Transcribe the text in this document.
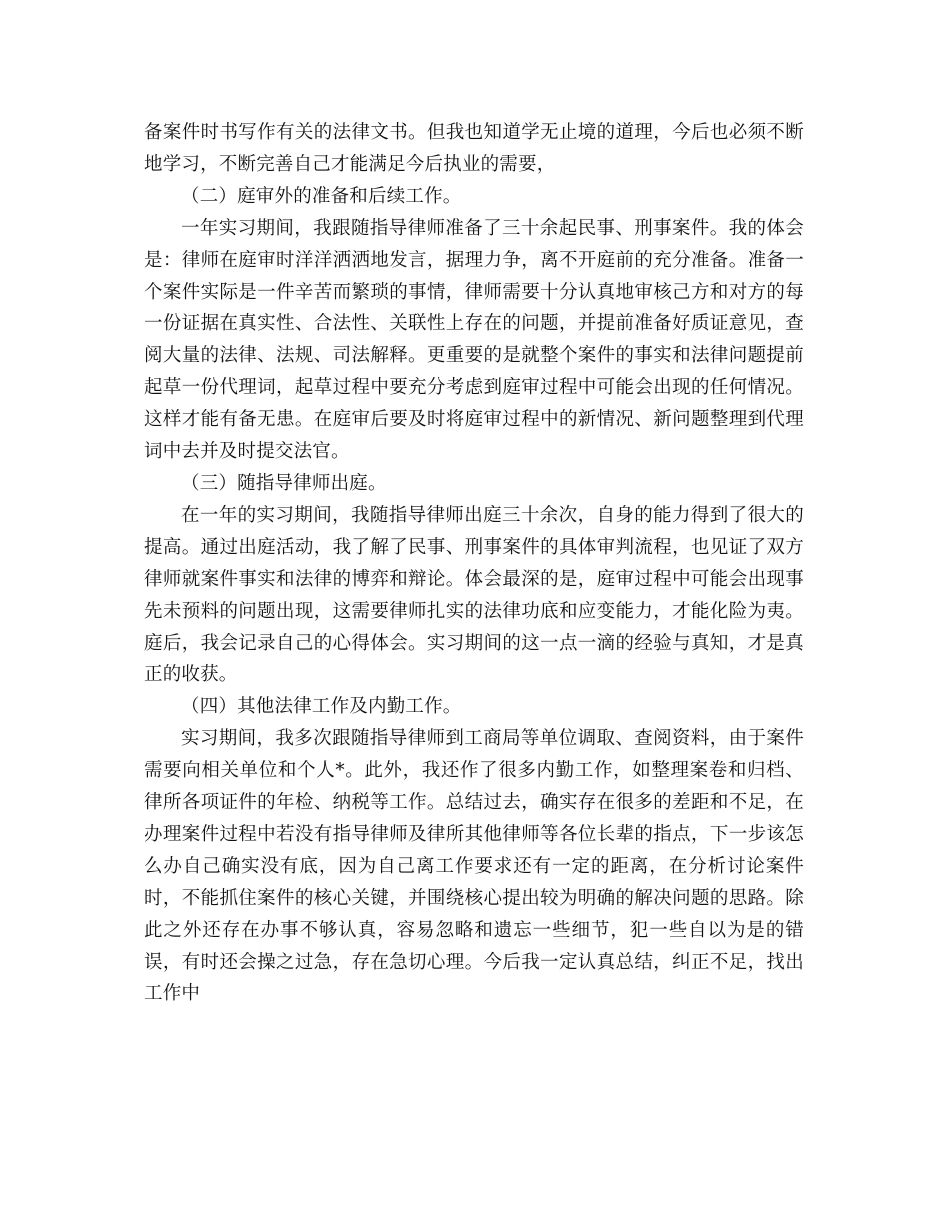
备案件时书写作有关的法律文书。但我也知道学无止境的道理，今后也必须不断地学习，不断完善自己才能满足今后执业的需要，

（二）庭审外的准备和后续工作。

一年实习期间，我跟随指导律师准备了三十余起民事、刑事案件。我的体会是：律师在庭审时洋洋洒洒地发言，据理力争，离不开庭前的充分准备。准备一个案件实际是一件辛苦而繁琐的事情，律师需要十分认真地审核己方和对方的每一份证据在真实性、合法性、关联性上存在的问题，并提前准备好质证意见，查阅大量的法律、法规、司法解释。更重要的是就整个案件的事实和法律问题提前起草一份代理词，起草过程中要充分考虑到庭审过程中可能会出现的任何情况。这样才能有备无患。在庭审后要及时将庭审过程中的新情况、新问题整理到代理词中去并及时提交法官。

（三）随指导律师出庭。

在一年的实习期间，我随指导律师出庭三十余次，自身的能力得到了很大的提高。通过出庭活动，我了解了民事、刑事案件的具体审判流程，也见证了双方律师就案件事实和法律的博弈和辩论。体会最深的是，庭审过程中可能会出现事先未预料的问题出现，这需要律师扎实的法律功底和应变能力，才能化险为夷。庭后，我会记录自己的心得体会。实习期间的这一点一滴的经验与真知，才是真正的收获。

（四）其他法律工作及内勤工作。

实习期间，我多次跟随指导律师到工商局等单位调取、查阅资料，由于案件需要向相关单位和个人*。此外，我还作了很多内勤工作，如整理案卷和归档、律所各项证件的年检、纳税等工作。总结过去，确实存在很多的差距和不足，在办理案件过程中若没有指导律师及律所其他律师等各位长辈的指点，下一步该怎么办自己确实没有底，因为自己离工作要求还有一定的距离，在分析讨论案件时，不能抓住案件的核心关键，并围绕核心提出较为明确的解决问题的思路。除此之外还存在办事不够认真，容易忽略和遗忘一些细节，犯一些自以为是的错误，有时还会操之过急，存在急切心理。今后我一定认真总结，纠正不足，找出工作中
